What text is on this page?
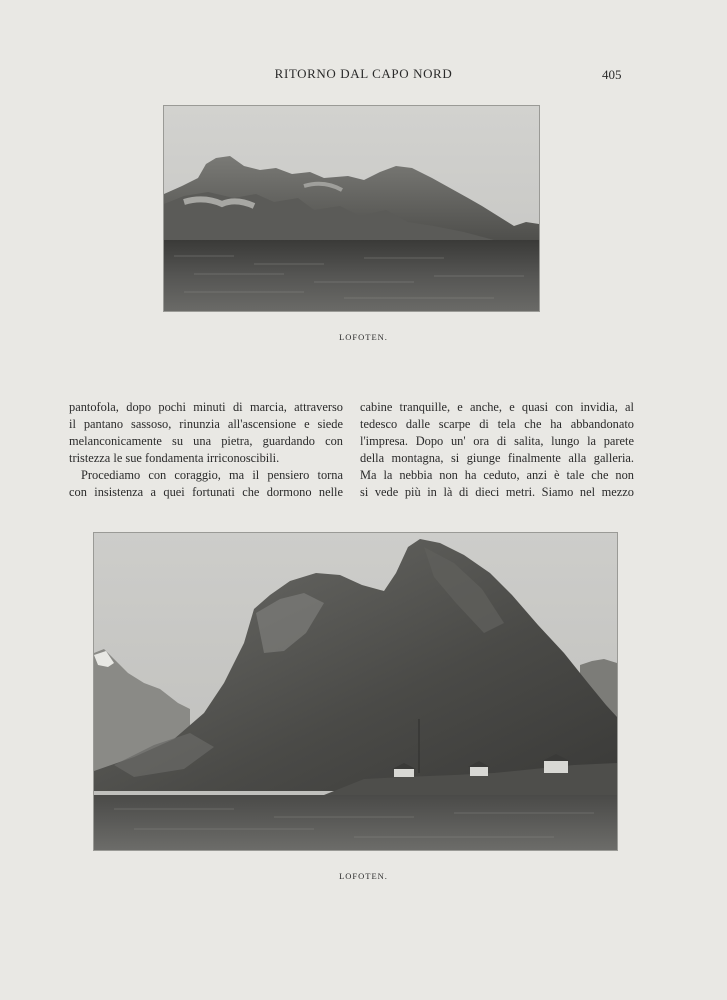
RITORNO DAL CAPO NORD	405
LOFOTEN.
pantofola, dopo pochi minuti di marcia, attraverso
il pantano sassoso, rinunzia all'ascensione e siede
melanconicamente su una pietra, guardando con
tristezza le sue fondamenta irriconoscibili.
Procediamo con coraggio, ma il pensiero torna
con insistenza a quei fortunati che dormono nelle
cabine tranquille, e anche, e quasi con invidia, al
tedesco dalle scarpe di tela che ha abbandonato
l'impresa. Dopo un' ora di salita, lungo la parete
della montagna, si giunge finalmente alla galleria.
Ma la nebbia non ha ceduto, anzi è tale che non
si vede più in là di dieci metri. Siamo nel mezzo
LOFOTEN.
